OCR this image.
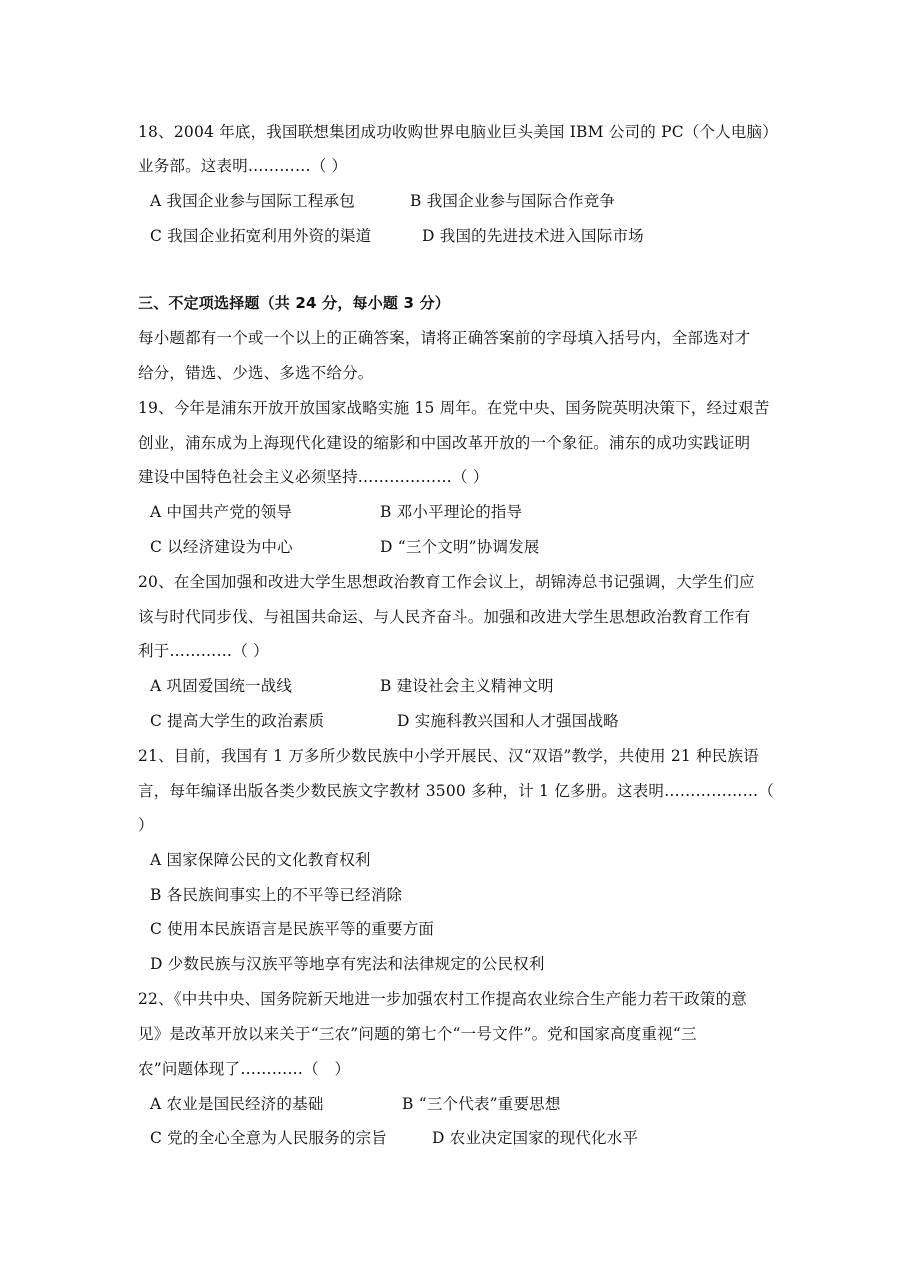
18、2004 年底，我国联想集团成功收购世界电脑业巨头美国 IBM 公司的 PC（个人电脑）
业务部。这表明…………（ ）
A 我国企业参与国际工程承包	B 我国企业参与国际合作竞争
C 我国企业拓宽利用外资的渠道	D 我国的先进技术进入国际市场
三、不定项选择题（共 24 分，每小题 3 分）
每小题都有一个或一个以上的正确答案，请将正确答案前的字母填入括号内，全部选对才
给分，错选、少选、多选不给分。
19、今年是浦东开放开放国家战略实施 15 周年。在党中央、国务院英明决策下，经过艰苦
创业，浦东成为上海现代化建设的缩影和中国改革开放的一个象征。浦东的成功实践证明
建设中国特色社会主义必须坚持………………（ ）
A 中国共产党的领导	B 邓小平理论的指导
C 以经济建设为中心	D “三个文明”协调发展
20、在全国加强和改进大学生思想政治教育工作会议上，胡锦涛总书记强调，大学生们应
该与时代同步伐、与祖国共命运、与人民齐奋斗。加强和改进大学生思想政治教育工作有
利于…………（ ）
A 巩固爱国统一战线	B 建设社会主义精神文明
C 提高大学生的政治素质	D 实施科教兴国和人才强国战略
21、目前，我国有 1 万多所少数民族中小学开展民、汉“双语”教学，共使用 21 种民族语
言，每年编译出版各类少数民族文字教材 3500 多种，计 1 亿多册。这表明………………（
）
A 国家保障公民的文化教育权利
B 各民族间事实上的不平等已经消除
C 使用本民族语言是民族平等的重要方面
D 少数民族与汉族平等地享有宪法和法律规定的公民权利
22、《中共中央、国务院新天地进一步加强农村工作提高农业综合生产能力若干政策的意
见》是改革开放以来关于“三农”问题的第七个“一号文件”。党和国家高度重视“三
农”问题体现了…………（　）
A 农业是国民经济的基础	B “三个代表”重要思想
C 党的全心全意为人民服务的宗旨	D 农业决定国家的现代化水平
